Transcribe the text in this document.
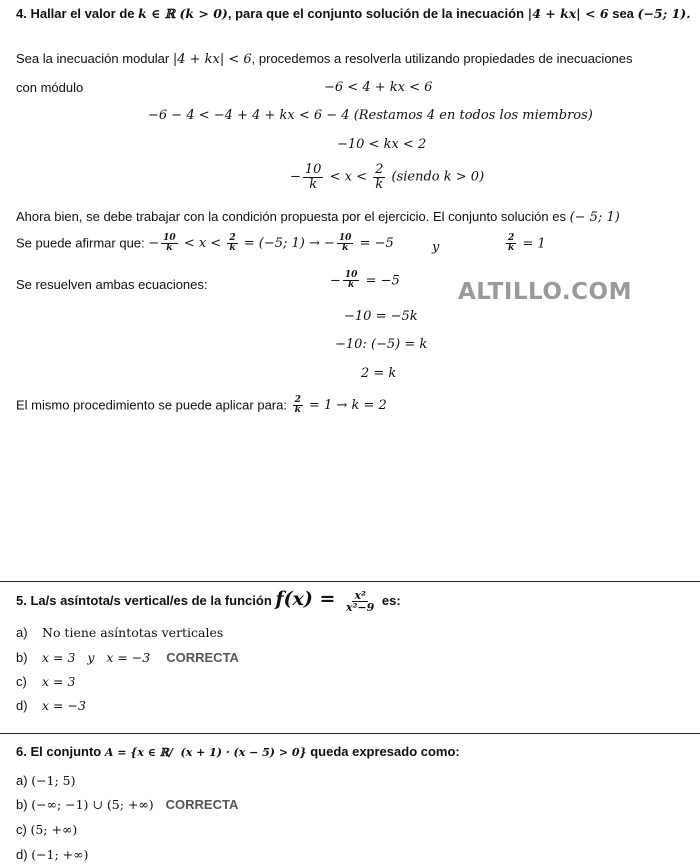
4. Hallar el valor de k ∈ ℝ (k > 0), para que el conjunto solución de la inecuación |4 + kx| < 6 sea (−5; 1).
Sea la inecuación modular |4 + kx| < 6, procedemos a resolverla utilizando propiedades de inecuaciones
con módulo	−6 < 4 + kx < 6
−6 − 4 < −4 + 4 + kx < 6 − 4 (Restamos 4 en todos los miembros)
−10 < kx < 2
− $\frac{10}{k} < x < \frac{2}{k}$ (siendo k > 0)
Ahora bien, se debe trabajar con la condición propuesta por el ejercicio. El conjunto solución es (− 5; 1)
Se puede afirmar que: − $\frac{10}{k} < x < \frac{2}{k} = (-5$; 1) → − $\frac{10}{k} = -5$	y	$\frac{2}{k} = 1$
Se resuelven ambas ecuaciones:	− $\frac{10}{k} = -5$	ALTILLO.COM
−10 = −5k
−10: (−5) = k
2 = k
El mismo procedimiento se puede aplicar para: $\frac{2}{k} = 1 \to k = 2$
5. La/s asíntota/s vertical/es de la función $f(x) = \frac{\text{x²}}{\text{x²−9}}$ es:
a) No tiene asíntotas verticales
b) x = 3   y   x = −3 CORRECTA
c) x = 3
d) x = −3
6. El conjunto A = {x ∈ ℝ/  (x + 1) · (x − 5) > 0} queda expresado como:
a) (−1; 5)
b) (−∞; −1) ∪ (5; +∞) CORRECTA
c) (5; +∞)
d) (−1; +∞)
